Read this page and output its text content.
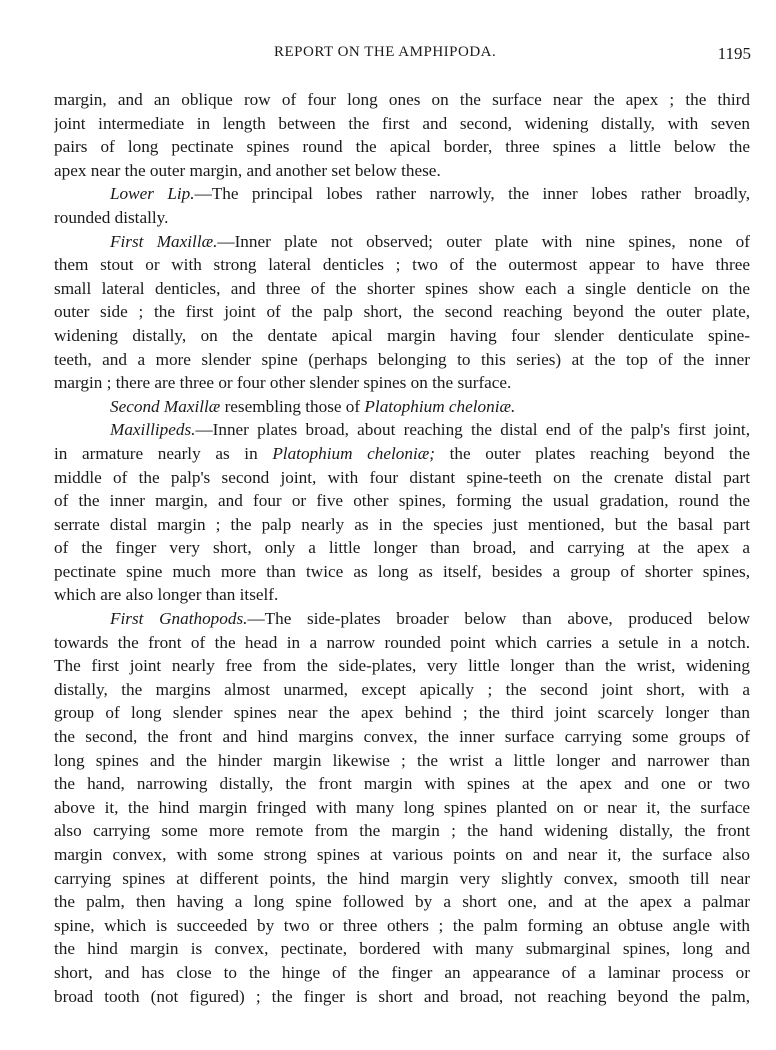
REPORT ON THE AMPHIPODA.	1195
margin, and an oblique row of four long ones on the surface near the apex ; the third
joint intermediate in length between the first and second, widening distally, with seven
pairs of long pectinate spines round the apical border, three spines a little below the
apex near the outer margin, and another set below these.
Lower Lip.—The principal lobes rather narrowly, the inner lobes rather broadly,
rounded distally.
First Maxillæ.—Inner plate not observed; outer plate with nine spines, none of
them stout or with strong lateral denticles ; two of the outermost appear to have three
small lateral denticles, and three of the shorter spines show each a single denticle on the
outer side ; the first joint of the palp short, the second reaching beyond the outer plate,
widening distally, on the dentate apical margin having four slender denticulate spine-
teeth, and a more slender spine (perhaps belonging to this series) at the top of the inner
margin ; there are three or four other slender spines on the surface.
Second Maxillæ resembling those of Platophium cheloniæ.
Maxillipeds.—Inner plates broad, about reaching the distal end of the palp's first joint,
in armature nearly as in Platophium cheloniæ; the outer plates reaching beyond the
middle of the palp's second joint, with four distant spine-teeth on the crenate distal part
of the inner margin, and four or five other spines, forming the usual gradation, round the
serrate distal margin ; the palp nearly as in the species just mentioned, but the basal part
of the finger very short, only a little longer than broad, and carrying at the apex a
pectinate spine much more than twice as long as itself, besides a group of shorter spines,
which are also longer than itself.
First Gnathopods.—The side-plates broader below than above, produced below
towards the front of the head in a narrow rounded point which carries a setule in a notch.
The first joint nearly free from the side-plates, very little longer than the wrist, widening
distally, the margins almost unarmed, except apically ; the second joint short, with a
group of long slender spines near the apex behind ; the third joint scarcely longer than
the second, the front and hind margins convex, the inner surface carrying some groups of
long spines and the hinder margin likewise ; the wrist a little longer and narrower than
the hand, narrowing distally, the front margin with spines at the apex and one or two
above it, the hind margin fringed with many long spines planted on or near it, the surface
also carrying some more remote from the margin ; the hand widening distally, the front
margin convex, with some strong spines at various points on and near it, the surface also
carrying spines at different points, the hind margin very slightly convex, smooth till near
the palm, then having a long spine followed by a short one, and at the apex a palmar
spine, which is succeeded by two or three others ; the palm forming an obtuse angle with
the hind margin is convex, pectinate, bordered with many submarginal spines, long and
short, and has close to the hinge of the finger an appearance of a laminar process or
broad tooth (not figured) ; the finger is short and broad, not reaching beyond the palm,
